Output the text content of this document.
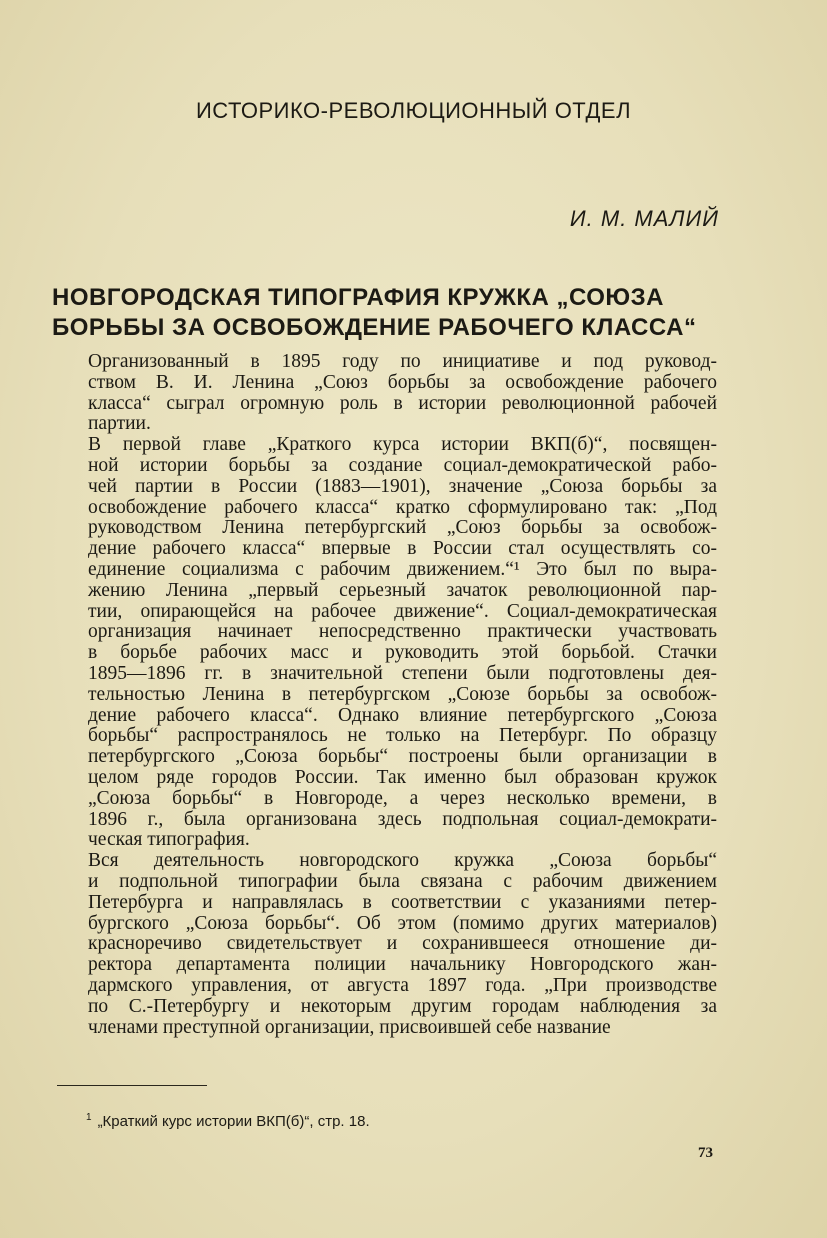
ИСТОРИКО-РЕВОЛЮЦИОННЫЙ ОТДЕЛ
И. М. МАЛИЙ
НОВГОРОДСКАЯ ТИПОГРАФИЯ КРУЖКА „СОЮЗА
БОРЬБЫ ЗА ОСВОБОЖДЕНИЕ РАБОЧЕГО КЛАССА“

Организованный в 1895 году по инициативе и под руковод-
ством В. И. Ленина „Союз борьбы за освобождение рабочего
класса“ сыграл огромную роль в истории революционной рабочей
партии.

В первой главе „Краткого курса истории ВКП(б)“, посвящен-
ной истории борьбы за создание социал-демократической рабо-
чей партии в России (1883—1901), значение „Союза борьбы за
освобождение рабочего класса“ кратко сформулировано так: „Под
руководством Ленина петербургский „Союз борьбы за освобож-
дение рабочего класса“ впервые в России стал осуществлять со-
единение социализма с рабочим движением.“¹ Это был по выра-
жению Ленина „первый серьезный зачаток революционной пар-
тии, опирающейся на рабочее движение“. Социал-демократическая
организация начинает непосредственно практически участвовать
в борьбе рабочих масс и руководить этой борьбой. Стачки
1895—1896 гг. в значительной степени были подготовлены дея-
тельностью Ленина в петербургском „Союзе борьбы за освобож-
дение рабочего класса“. Однако влияние петербургского „Союза
борьбы“ распространялось не только на Петербург. По образцу
петербургского „Союза борьбы“ построены были организации в
целом ряде городов России. Так именно был образован кружок
„Союза борьбы“ в Новгороде, а через несколько времени, в
1896 г., была организована здесь подпольная социал-демократи-
ческая типография.

Вся деятельность новгородского кружка „Союза борьбы“
и подпольной типографии была связана с рабочим движением
Петербурга и направлялась в соответствии с указаниями петер-
бургского „Союза борьбы“. Об этом (помимо других материалов)
красноречиво свидетельствует и сохранившееся отношение ди-
ректора департамента полиции начальнику Новгородского жан-
дармского управления, от августа 1897 года. „При производстве
по С.-Петербургу и некоторым другим городам наблюдения за
членами преступной организации, присвоившей себе название

$^1$ „Краткий курс истории ВКП(б)“, стр. 18.
73
